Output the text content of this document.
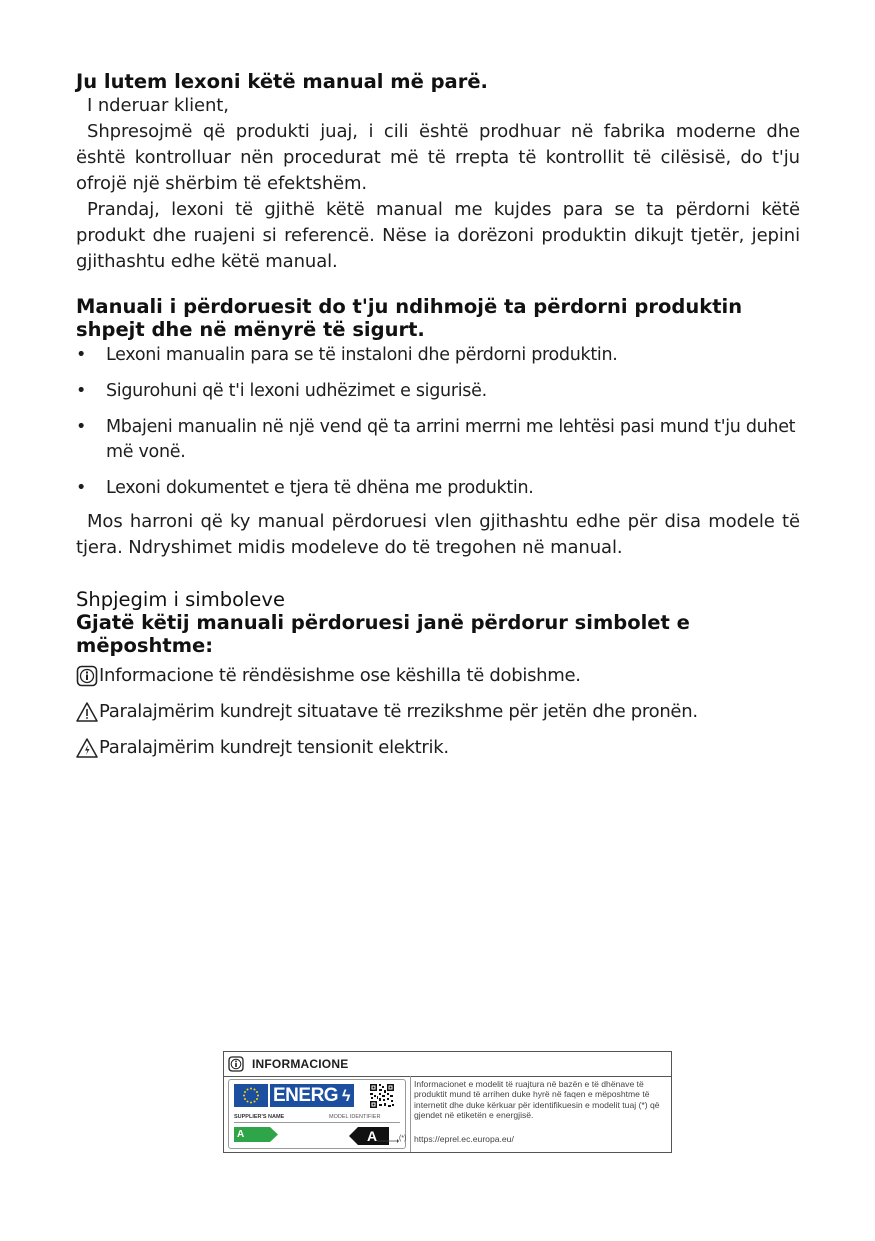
Ju lutem lexoni këtë manual më parë.

I nderuar klient,

Shpresojmë që produkti juaj, i cili është prodhuar në fabrika moderne dhe është kontrolluar nën procedurat më të rrepta të kontrollit të cilësisë, do t'ju ofrojë një shërbim të efektshëm.

Prandaj, lexoni të gjithë këtë manual me kujdes para se ta përdorni këtë produkt dhe ruajeni si referencë. Nëse ia dorëzoni produktin dikujt tjetër, jepini gjithashtu edhe këtë manual.

Manuali i përdoruesit do t'ju ndihmojë ta përdorni produktin shpejt dhe në mënyrë të sigurt.
• Lexoni manualin para se të instaloni dhe përdorni produktin.
• Sigurohuni që t'i lexoni udhëzimet e sigurisë.
• Mbajeni manualin në një vend që ta arrini merrni me lehtësi pasi mund t'ju duhet më vonë.
• Lexoni dokumentet e tjera të dhëna me produktin.

Mos harroni që ky manual përdoruesi vlen gjithashtu edhe për disa modele të tjera. Ndryshimet midis modeleve do të tregohen në manual.

Shpjegim i simboleve
Gjatë këtij manuali përdoruesi janë përdorur simbolet e mëposhtme:
Informacione të rëndësishme ose këshilla të dobishme.
Paralajmërim kundrejt situatave të rrezikshme për jetën dhe pronën.
Paralajmërim kundrejt tensionit elektrik.
INFORMACIONE
ENERG ϟ
SUPPLIER'S NAME	MODEL IDENTIFIER
A	A	(*)
Informacionet e modelit të ruajtura në bazën e të dhënave të produktit mund të arrihen duke hyrë në faqen e mëposhtme të internetit dhe duke kërkuar për identifikuesin e modelit tuaj (*) që gjendet në etiketën e energjisë.
https://eprel.ec.europa.eu/
